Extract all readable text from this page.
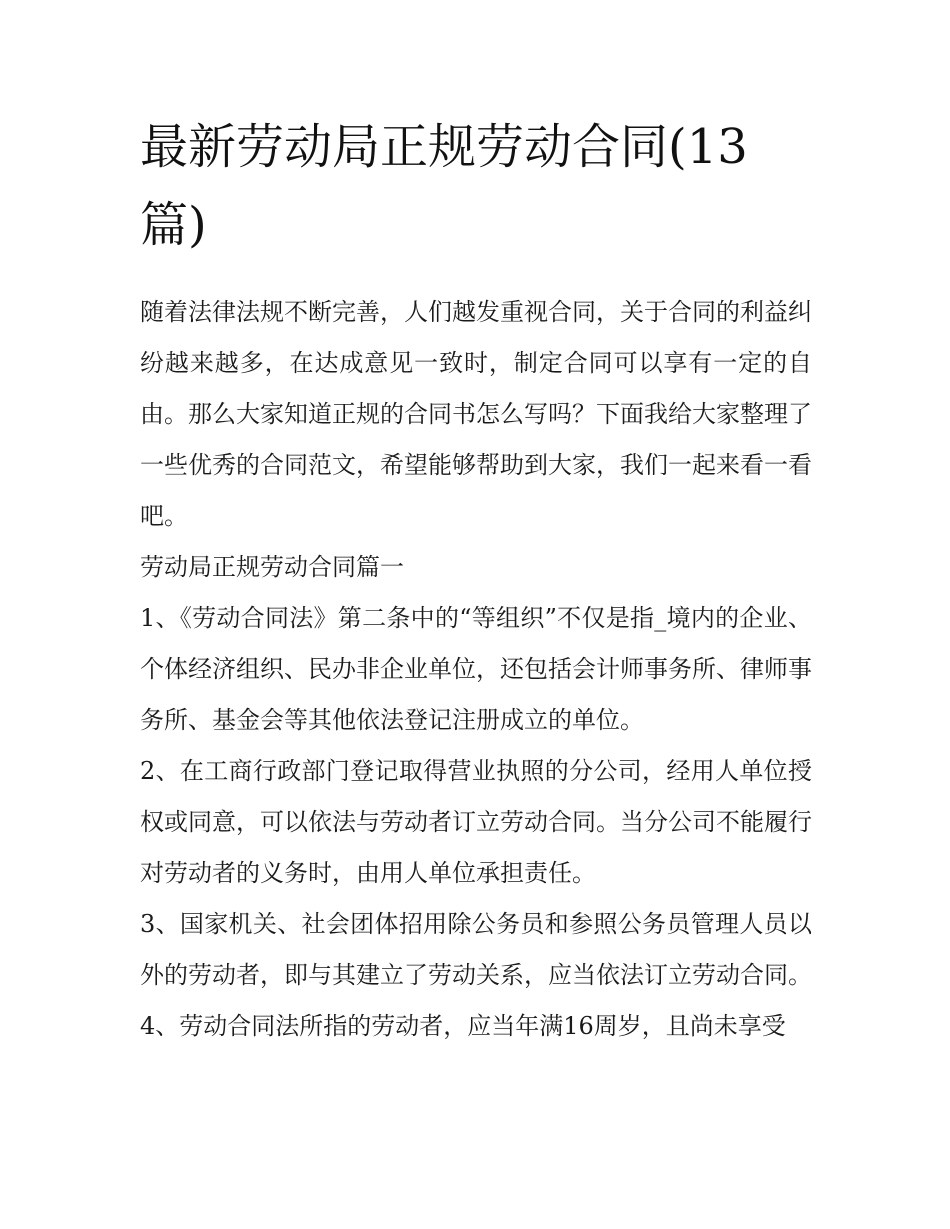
最新劳动局正规劳动合同(13篇)

随着法律法规不断完善，人们越发重视合同，关于合同的利益纠纷越来越多，在达成意见一致时，制定合同可以享有一定的自由。那么大家知道正规的合同书怎么写吗？下面我给大家整理了一些优秀的合同范文，希望能够帮助到大家，我们一起来看一看吧。

劳动局正规劳动合同篇一

1、《劳动合同法》第二条中的“等组织”不仅是指_境内的企业、个体经济组织、民办非企业单位，还包括会计师事务所、律师事务所、基金会等其他依法登记注册成立的单位。

2、在工商行政部门登记取得营业执照的分公司，经用人单位授权或同意，可以依法与劳动者订立劳动合同。当分公司不能履行对劳动者的义务时，由用人单位承担责任。

3、国家机关、社会团体招用除公务员和参照公务员管理人员以外的劳动者，即与其建立了劳动关系，应当依法订立劳动合同。

4、劳动合同法所指的劳动者，应当年满16周岁，且尚未享受
